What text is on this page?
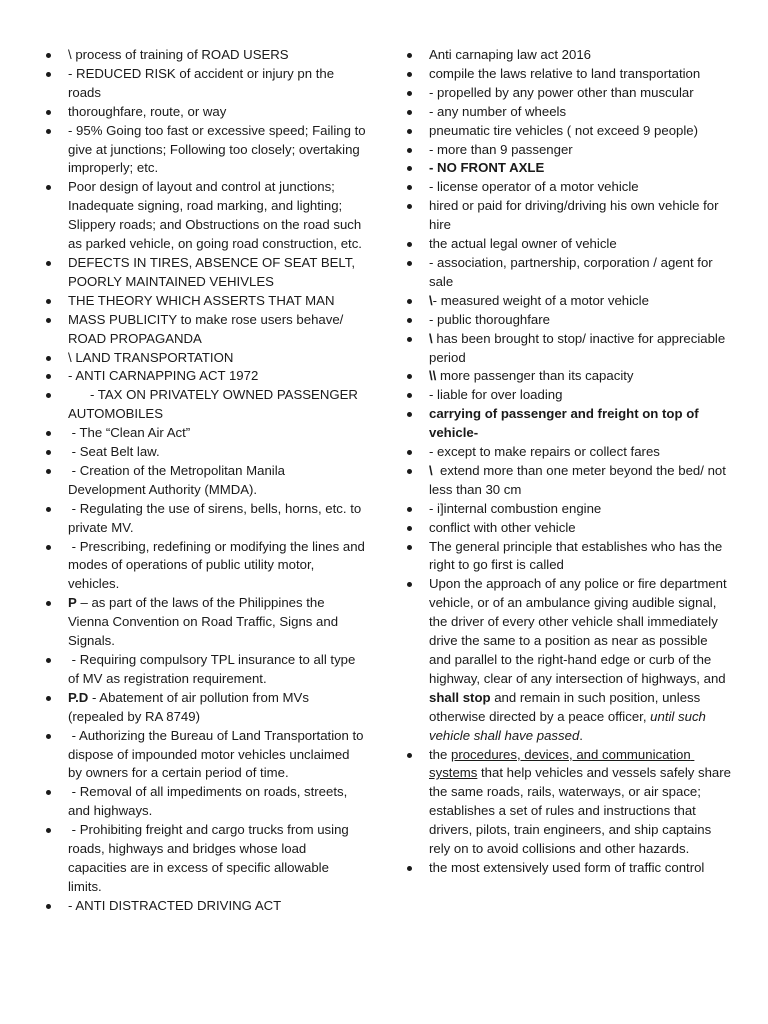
\ process of training of ROAD USERS
- REDUCED RISK of accident or injury pn the roads
thoroughfare, route, or way
- 95% Going too fast or excessive speed; Failing to give at junctions; Following too closely; overtaking improperly; etc.
Poor design of layout and control at junctions; Inadequate signing, road marking, and lighting; Slippery roads; and Obstructions on the road such as parked vehicle, on going road construction, etc.
DEFECTS IN TIRES, ABSENCE OF SEAT BELT, POORLY MAINTAINED VEHIVLES
THE THEORY WHICH ASSERTS THAT MAN
MASS PUBLICITY to make rose users behave/ ROAD PROPAGANDA
\ LAND TRANSPORTATION
- ANTI CARNAPPING ACT 1972
- TAX ON PRIVATELY OWNED PASSENGER AUTOMOBILES
- The “Clean Air Act”
- Seat Belt law.
- Creation of the Metropolitan Manila Development Authority (MMDA).
- Regulating the use of sirens, bells, horns, etc. to private MV.
- Prescribing, redefining or modifying the lines and modes of operations of public utility motor, vehicles.
P – as part of the laws of the Philippines the Vienna Convention on Road Traffic, Signs and Signals.
- Requiring compulsory TPL insurance to all type of MV as registration requirement.
P.D - Abatement of air pollution from MVs (repealed by RA 8749)
- Authorizing the Bureau of Land Transportation to dispose of impounded motor vehicles unclaimed by owners for a certain period of time.
- Removal of all impediments on roads, streets, and highways.
- Prohibiting freight and cargo trucks from using roads, highways and bridges whose load capacities are in excess of specific allowable limits.
- ANTI DISTRACTED DRIVING ACT
Anti carnaping law act 2016
compile the laws relative to land transportation
- propelled by any power other than muscular
- any number of wheels
pneumatic tire vehicles ( not exceed 9 people)
- more than 9 passenger
- NO FRONT AXLE
- license operator of a motor vehicle
hired or paid for driving/driving his own vehicle for hire
the actual legal owner of vehicle
- association, partnership, corporation / agent for sale
\- measured weight of a motor vehicle
- public thoroughfare
\ has been brought to stop/ inactive for appreciable period
\\ more passenger than its capacity
- liable for over loading
carrying of passenger and freight on top of vehicle-
- except to make repairs or collect fares
\  extend more than one meter beyond the bed/ not less than 30 cm
- i]internal combustion engine
conflict with other vehicle
The general principle that establishes who has the right to go first is called
Upon the approach of any police or fire department vehicle, or of an ambulance giving audible signal, the driver of every other vehicle shall immediately drive the same to a position as near as possible and parallel to the right-hand edge or curb of the highway, clear of any intersection of highways, and shall stop and remain in such position, unless otherwise directed by a peace officer, until such vehicle shall have passed.
the procedures, devices, and communication systems that help vehicles and vessels safely share the same roads, rails, waterways, or air space; establishes a set of rules and instructions that drivers, pilots, train engineers, and ship captains rely on to avoid collisions and other hazards.
the most extensively used form of traffic control
